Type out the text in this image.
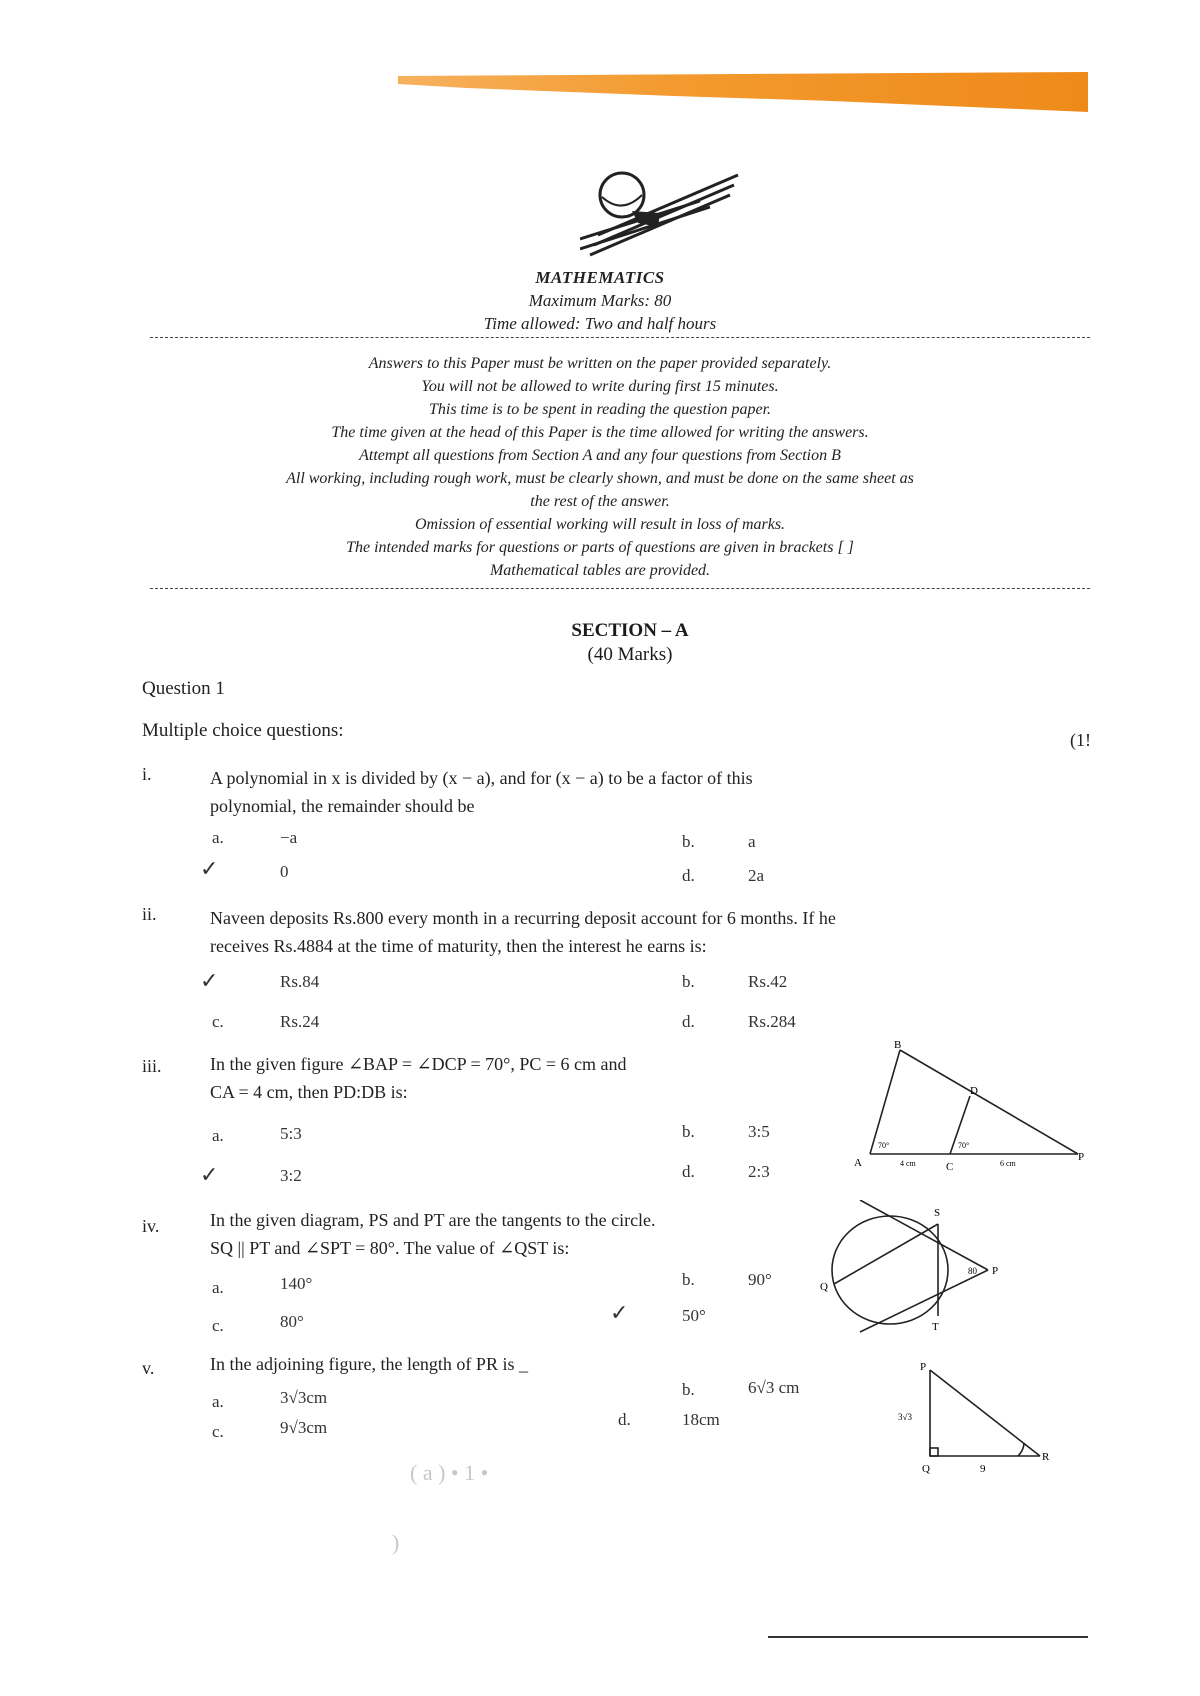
MATHEMATICS
Maximum Marks: 80
Time allowed: Two and half hours
Answers to this Paper must be written on the paper provided separately.
You will not be allowed to write during first 15 minutes.
This time is to be spent in reading the question paper.
The time given at the head of this Paper is the time allowed for writing the answers.
Attempt all questions from Section A and any four questions from Section B
All working, including rough work, must be clearly shown, and must be done on the same sheet as
the rest of the answer.
Omission of essential working will result in loss of marks.
The intended marks for questions or parts of questions are given in brackets [ ]
Mathematical tables are provided.
SECTION – A
(40 Marks)
Question 1
Multiple choice questions:	(1!
i.	A polynomial in x is divided by (x − a), and for (x − a) to be a factor of this
polynomial, the remainder should be
a.	−a	b.	a
✓	0	d.	2a
ii.	Naveen deposits Rs.800 every month in a recurring deposit account for 6 months. If he
receives Rs.4884 at the time of maturity, then the interest he earns is:
✓	Rs.84	b.	Rs.42
c.	Rs.24	d.	Rs.284
iii.	In the given figure ∠BAP = ∠DCP = 70°, PC = 6 cm and
CA = 4 cm, then PD:DB is:
a.	5:3	b.	3:5
✓	3:2	d.	2:3
B
D
A	C
P
70°	70°
4 cm	6 cm
iv.	In the given diagram, PS and PT are the tangents to the circle.
SQ || PT and ∠SPT = 80°. The value of ∠QST is:
a.	140°	b.	90°
c.	80°	✓	50°
S
T
Q
P
80
v.	In the adjoining figure, the length of PR is _
a.	3√3cm	b.	6√3 cm
c.	9√3cm	d.	18cm
P
Q
R
3√3
9
( a ) • 1 •
)
